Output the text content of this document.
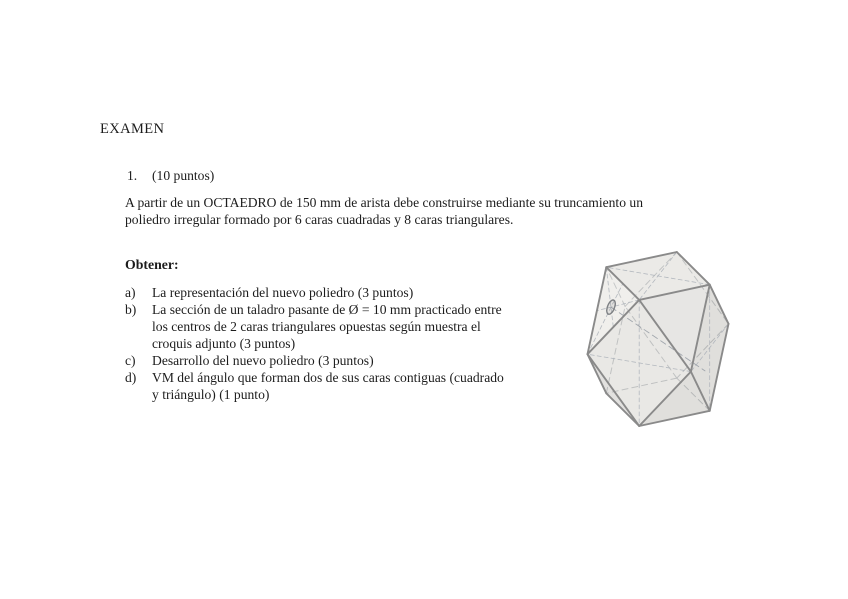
EXAMEN
1. (10 puntos)
A partir de un OCTAEDRO de 150 mm de arista debe construirse mediante su truncamiento un
poliedro irregular formado por 6 caras cuadradas y 8 caras triangulares.
Obtener:
a)	La representación del nuevo poliedro (3 puntos)
b)	La sección de un taladro pasante de Ø = 10 mm practicado entre
los centros de 2 caras triangulares opuestas según muestra el
croquis adjunto (3 puntos)
c)	Desarrollo del nuevo poliedro (3 puntos)
d)	VM del ángulo que forman dos de sus caras contiguas (cuadrado
y triángulo) (1 punto)
